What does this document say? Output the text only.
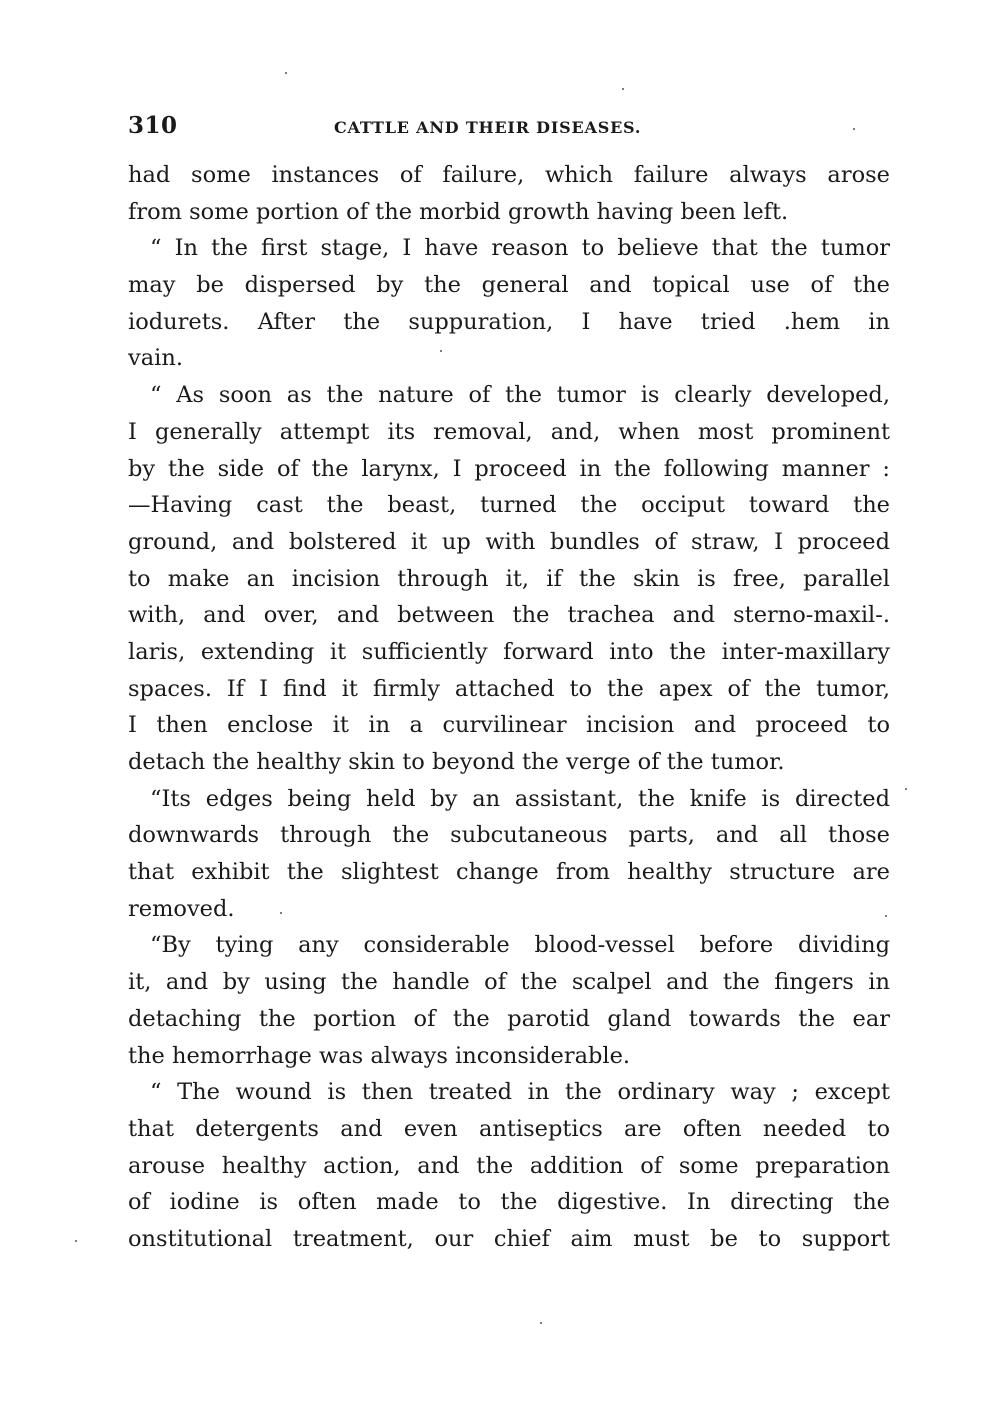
310	CATTLE AND THEIR DISEASES.
had some instances of failure, which failure always arose
from some portion of the morbid growth having been left.
“ In the first stage, I have reason to believe that the tumor
may be dispersed by the general and topical use of the
iodurets. After the suppuration, I have tried .hem in
vain.
“ As soon as the nature of the tumor is clearly developed,
I generally attempt its removal, and, when most prominent
by the side of the larynx, I proceed in the following manner :
—Having cast the beast, turned the occiput toward the
ground, and bolstered it up with bundles of straw, I proceed
to make an incision through it, if the skin is free, parallel
with, and over, and between the trachea and sterno-maxil-.
laris, extending it sufficiently forward into the inter-maxillary
spaces. If I find it firmly attached to the apex of the tumor,
I then enclose it in a curvilinear incision and proceed to
detach the healthy skin to beyond the verge of the tumor.
“Its edges being held by an assistant, the knife is directed
downwards through the subcutaneous parts, and all those
that exhibit the slightest change from healthy structure are
removed.
“By tying any considerable blood-vessel before dividing
it, and by using the handle of the scalpel and the fingers in
detaching the portion of the parotid gland towards the ear
the hemorrhage was always inconsiderable.
“ The wound is then treated in the ordinary way ; except
that detergents and even antiseptics are often needed to
arouse healthy action, and the addition of some preparation
of iodine is often made to the digestive. In directing the
onstitutional treatment, our chief aim must be to support
